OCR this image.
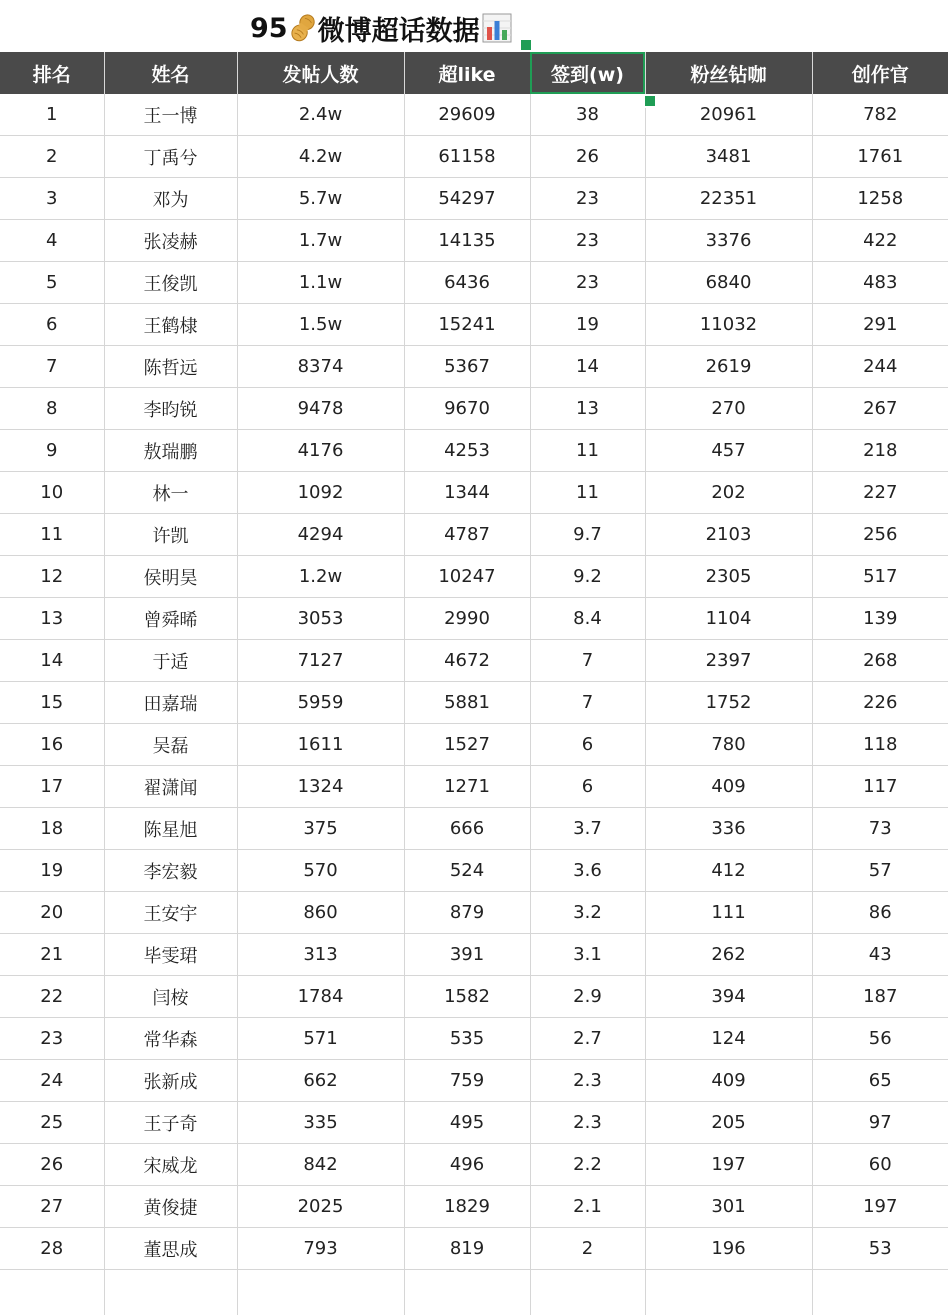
95 微博超话数据
排名	姓名	发帖人数	超like	签到(w)	粉丝钻咖	创作官
1	王一博	2.4w	29609	38	20961	782
2	丁禹兮	4.2w	61158	26	3481	1761
3	邓为	5.7w	54297	23	22351	1258
4	张凌赫	1.7w	14135	23	3376	422
5	王俊凯	1.1w	6436	23	6840	483
6	王鹤棣	1.5w	15241	19	11032	291
7	陈哲远	8374	5367	14	2619	244
8	李昀锐	9478	9670	13	270	267
9	敖瑞鹏	4176	4253	11	457	218
10	林一	1092	1344	11	202	227
11	许凯	4294	4787	9.7	2103	256
12	侯明昊	1.2w	10247	9.2	2305	517
13	曾舜晞	3053	2990	8.4	1104	139
14	于适	7127	4672	7	2397	268
15	田嘉瑞	5959	5881	7	1752	226
16	吴磊	1611	1527	6	780	118
17	翟潇闻	1324	1271	6	409	117
18	陈星旭	375	666	3.7	336	73
19	李宏毅	570	524	3.6	412	57
20	王安宇	860	879	3.2	111	86
21	毕雯珺	313	391	3.1	262	43
22	闫桉	1784	1582	2.9	394	187
23	常华森	571	535	2.7	124	56
24	张新成	662	759	2.3	409	65
25	王子奇	335	495	2.3	205	97
26	宋威龙	842	496	2.2	197	60
27	黄俊捷	2025	1829	2.1	301	197
28	董思成	793	819	2	196	53
